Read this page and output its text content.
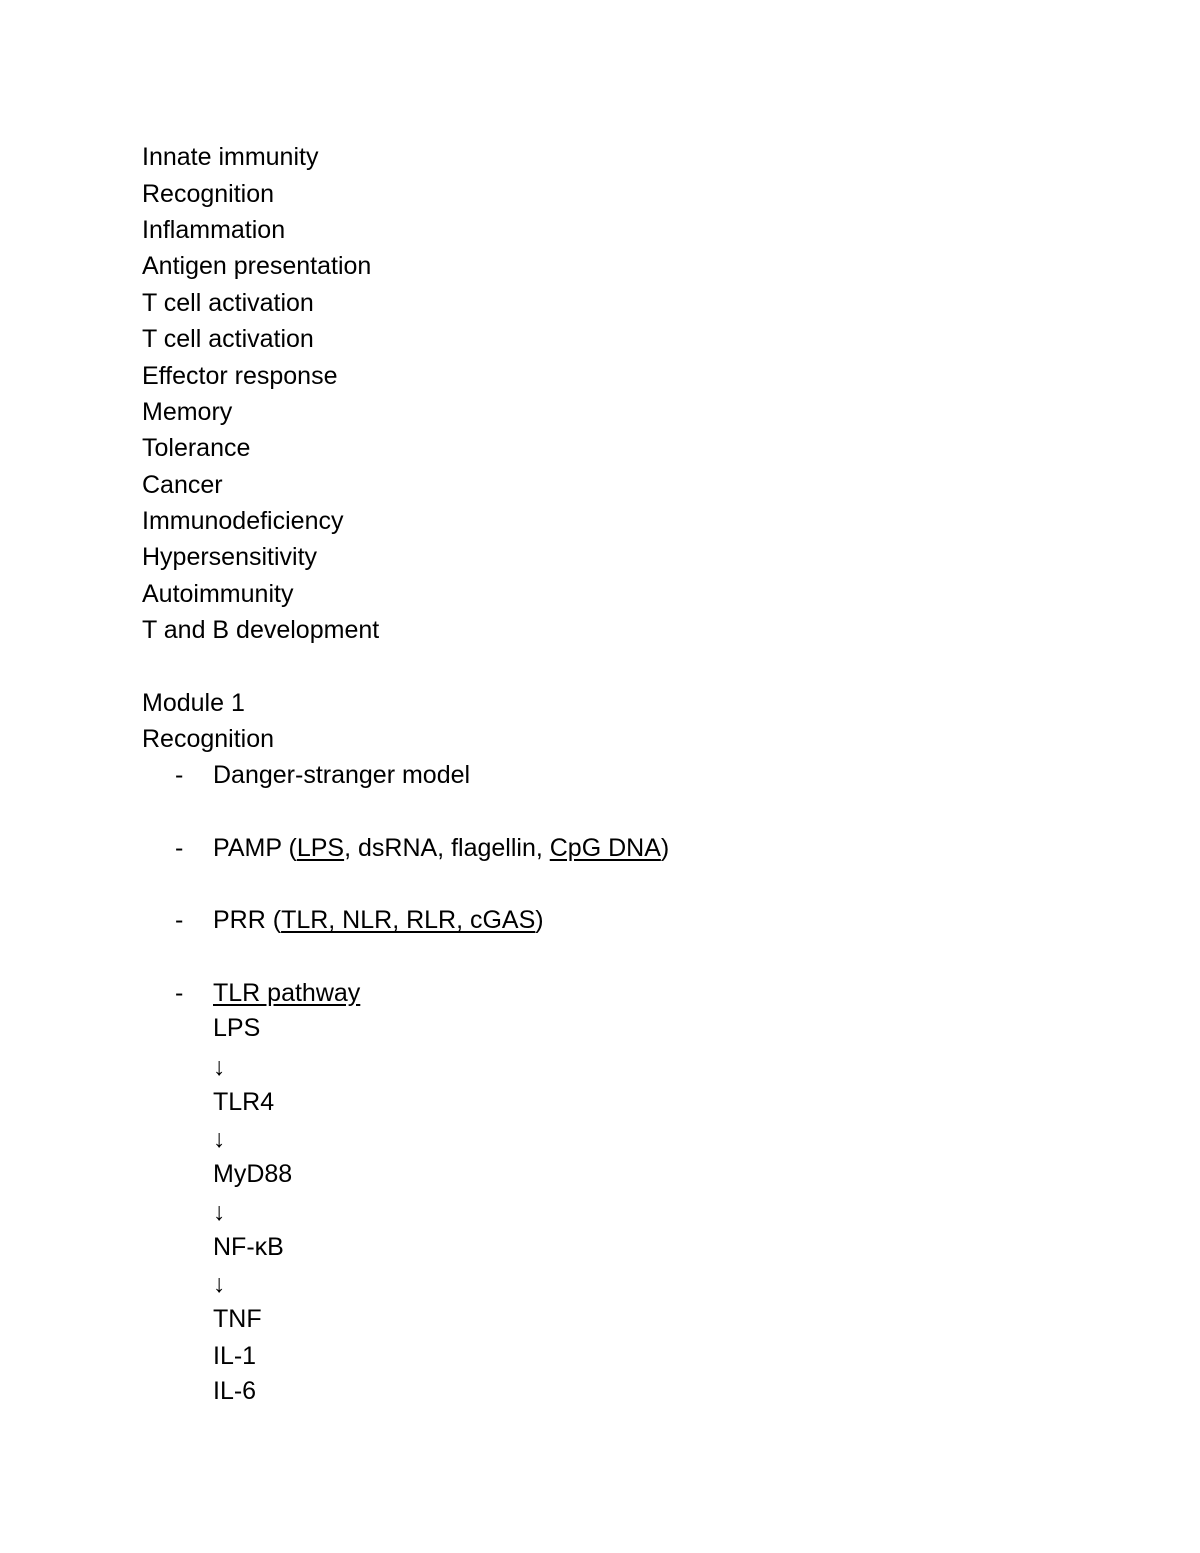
Innate immunity
Recognition
Inflammation
Antigen presentation
T cell activation
T cell activation
Effector response
Memory
Tolerance
Cancer
Immunodeficiency
Hypersensitivity
Autoimmunity
T and B development
Module 1
Recognition
- Danger-stranger model
- PAMP (LPS, dsRNA, flagellin, CpG DNA)
- PRR (TLR, NLR, RLR, cGAS)
- TLR pathway
LPS
↓
TLR4
↓
MyD88
↓
NF-κB
↓
TNF
IL-1
IL-6
